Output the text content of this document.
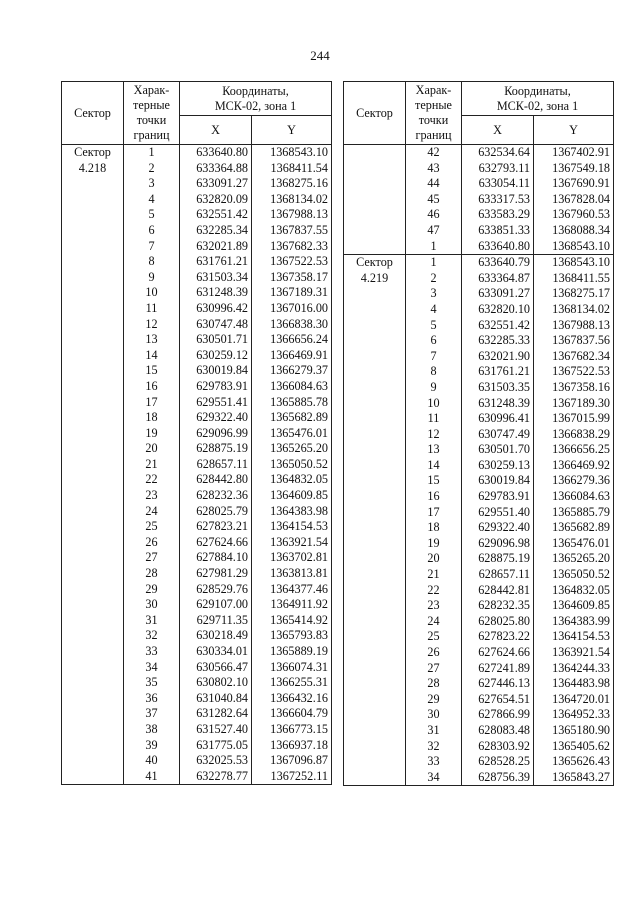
244
Сектор	Харак-
терные
точки
границ	Координаты,
МСК-02, зона 1	
		X	Y
Сектор	1	633640.80	1368543.10
4.218	2	633364.88	1368411.54
	3	633091.27	1368275.16
	4	632820.09	1368134.02
	5	632551.42	1367988.13
	6	632285.34	1367837.55
	7	632021.89	1367682.33
	8	631761.21	1367522.53
	9	631503.34	1367358.17
	10	631248.39	1367189.31
	11	630996.42	1367016.00
	12	630747.48	1366838.30
	13	630501.71	1366656.24
	14	630259.12	1366469.91
	15	630019.84	1366279.37
	16	629783.91	1366084.63
	17	629551.41	1365885.78
	18	629322.40	1365682.89
	19	629096.99	1365476.01
	20	628875.19	1365265.20
	21	628657.11	1365050.52
	22	628442.80	1364832.05
	23	628232.36	1364609.85
	24	628025.79	1364383.98
	25	627823.21	1364154.53
	26	627624.66	1363921.54
	27	627884.10	1363702.81
	28	627981.29	1363813.81
	29	628529.76	1364377.46
	30	629107.00	1364911.92
	31	629711.35	1365414.92
	32	630218.49	1365793.83
	33	630334.01	1365889.19
	34	630566.47	1366074.31
	35	630802.10	1366255.31
	36	631040.84	1366432.16
	37	631282.64	1366604.79
	38	631527.40	1366773.15
	39	631775.05	1366937.18
	40	632025.53	1367096.87
	41	632278.77	1367252.11
Сектор	Харак-
терные
точки
границ	Координаты,
МСК-02, зона 1	
		X	Y
	42	632534.64	1367402.91
	43	632793.11	1367549.18
	44	633054.11	1367690.91
	45	633317.53	1367828.04
	46	633583.29	1367960.53
	47	633851.33	1368088.34
	1	633640.80	1368543.10
Сектор	1	633640.79	1368543.10
4.219	2	633364.87	1368411.55
	3	633091.27	1368275.17
	4	632820.10	1368134.02
	5	632551.42	1367988.13
	6	632285.33	1367837.56
	7	632021.90	1367682.34
	8	631761.21	1367522.53
	9	631503.35	1367358.16
	10	631248.39	1367189.30
	11	630996.41	1367015.99
	12	630747.49	1366838.29
	13	630501.70	1366656.25
	14	630259.13	1366469.92
	15	630019.84	1366279.36
	16	629783.91	1366084.63
	17	629551.40	1365885.79
	18	629322.40	1365682.89
	19	629096.98	1365476.01
	20	628875.19	1365265.20
	21	628657.11	1365050.52
	22	628442.81	1364832.05
	23	628232.35	1364609.85
	24	628025.80	1364383.99
	25	627823.22	1364154.53
	26	627624.66	1363921.54
	27	627241.89	1364244.33
	28	627446.13	1364483.98
	29	627654.51	1364720.01
	30	627866.99	1364952.33
	31	628083.48	1365180.90
	32	628303.92	1365405.62
	33	628528.25	1365626.43
	34	628756.39	1365843.27
